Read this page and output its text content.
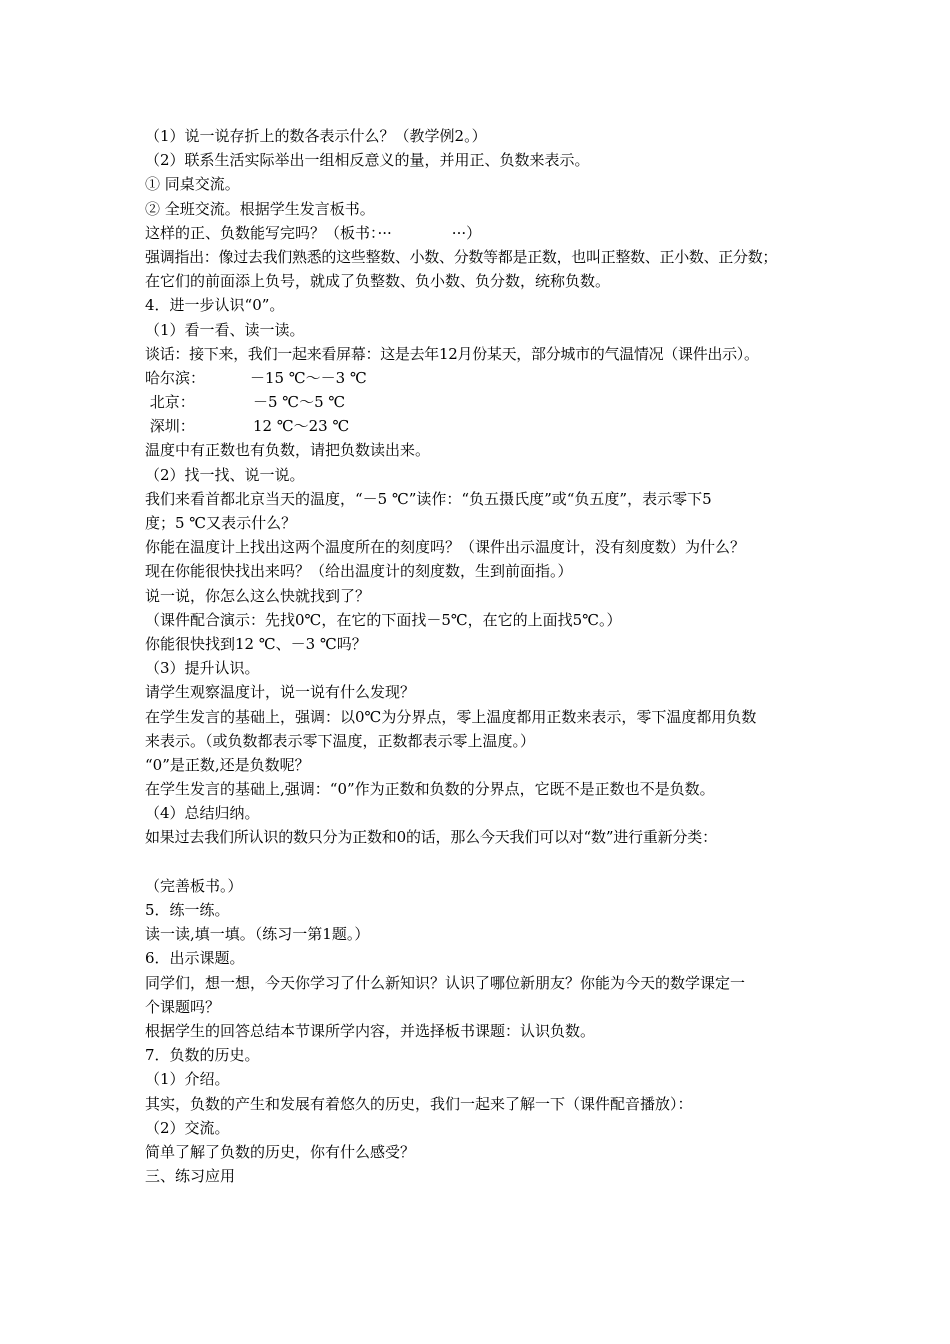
（1）说一说存折上的数各表示什么？（教学例2。）
（2）联系生活实际举出一组相反意义的量，并用正、负数来表示。
① 同桌交流。
② 全班交流。根据学生发言板书。
这样的正、负数能写完吗？（板书：···　　　　···）
强调指出：像过去我们熟悉的这些整数、小数、分数等都是正数，也叫正整数、正小数、正分数；
在它们的前面添上负号，就成了负整数、负小数、负分数，统称负数。
4．进一步认识“0”。
（1）看一看、读一读。
谈话：接下来，我们一起来看屏幕：这是去年12月份某天，部分城市的气温情况（课件出示）。
哈尔滨：	－15 ℃～－3 ℃
北京：	－5 ℃～5 ℃
深圳：	12 ℃～23 ℃
温度中有正数也有负数，请把负数读出来。
（2）找一找、说一说。
我们来看首都北京当天的温度，“－5 ℃”读作：“负五摄氏度”或“负五度”，表示零下5
度；5 ℃又表示什么？
你能在温度计上找出这两个温度所在的刻度吗？（课件出示温度计，没有刻度数）为什么？
现在你能很快找出来吗？（给出温度计的刻度数，生到前面指。）
说一说，你怎么这么快就找到了？
（课件配合演示：先找0℃，在它的下面找－5℃，在它的上面找5℃。）
你能很快找到12 ℃、－3 ℃吗？
（3）提升认识。
请学生观察温度计，说一说有什么发现？
在学生发言的基础上，强调：以0℃为分界点，零上温度都用正数来表示，零下温度都用负数
来表示。（或负数都表示零下温度，正数都表示零上温度。）
“0”是正数,还是负数呢？
在学生发言的基础上,强调：“0”作为正数和负数的分界点，它既不是正数也不是负数。
（4）总结归纳。
如果过去我们所认识的数只分为正数和0的话，那么今天我们可以对“数”进行重新分类：
（完善板书。）
5．练一练。
读一读,填一填。（练习一第1题。）
6．出示课题。
同学们，想一想，今天你学习了什么新知识？认识了哪位新朋友？你能为今天的数学课定一
个课题吗？
根据学生的回答总结本节课所学内容，并选择板书课题：认识负数。
7．负数的历史。
（1）介绍。
其实，负数的产生和发展有着悠久的历史，我们一起来了解一下（课件配音播放）：
（2）交流。
简单了解了负数的历史，你有什么感受？
三、练习应用
